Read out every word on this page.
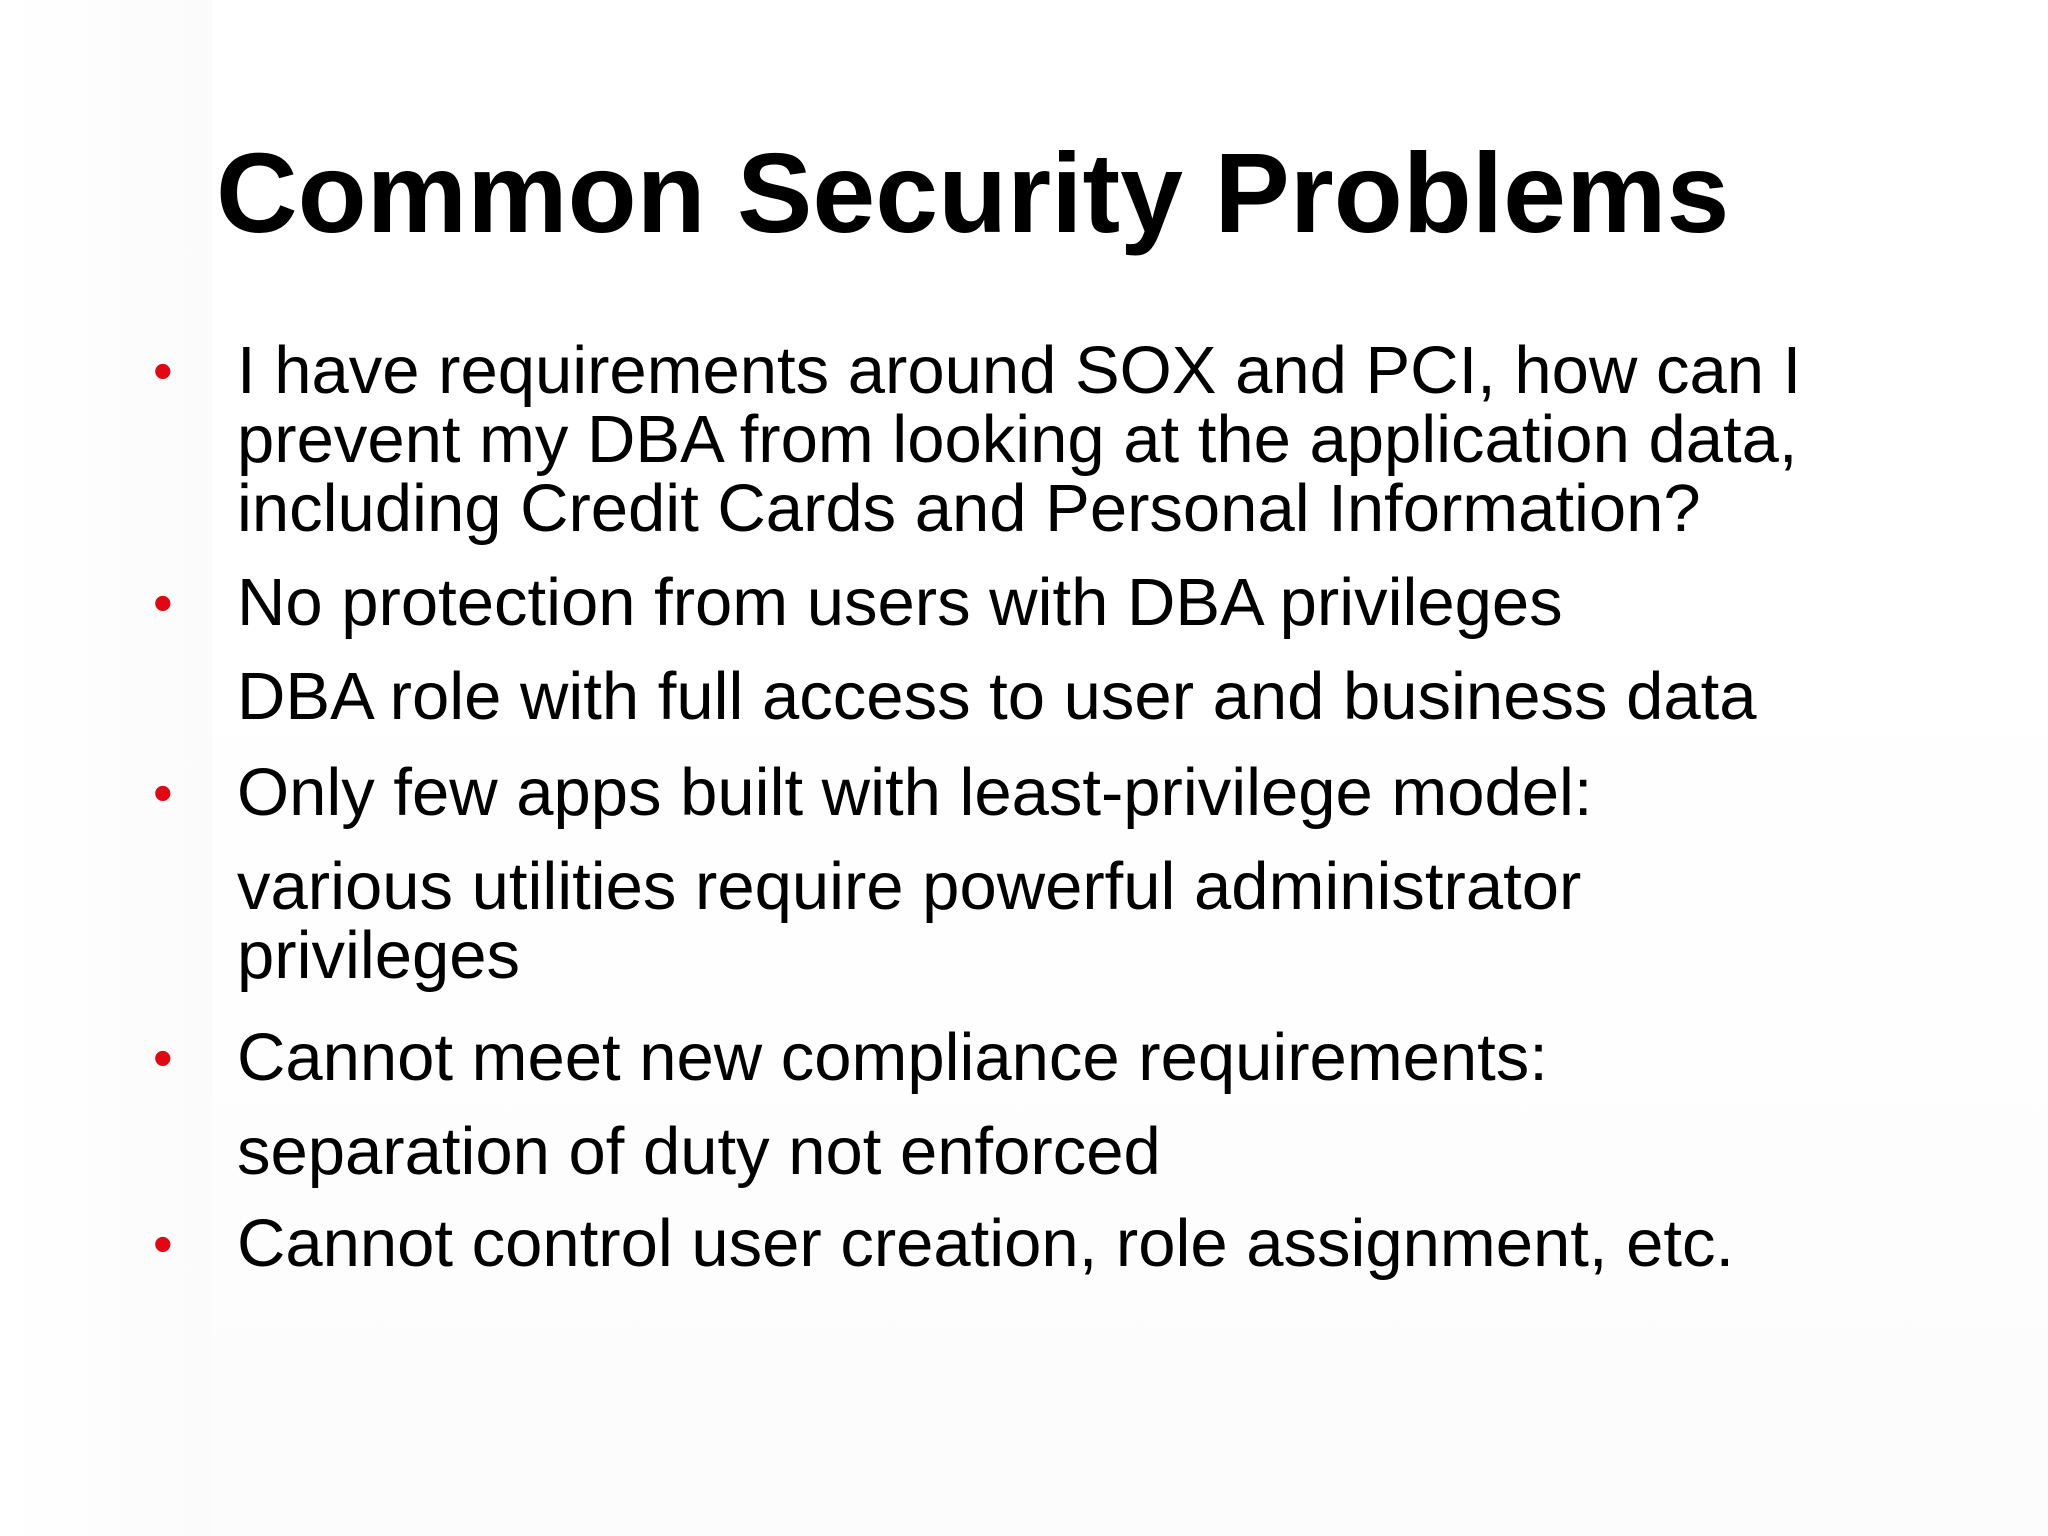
Common Security Problems
• I have requirements around SOX and PCI, how can I
prevent my DBA from looking at the application data,
including Credit Cards and Personal Information?
• No protection from users with DBA privileges
DBA role with full access to user and business data
• Only few apps built with least-privilege model:
various utilities require powerful administrator
privileges
• Cannot meet new compliance requirements:
separation of duty not enforced
• Cannot control user creation, role assignment, etc.
